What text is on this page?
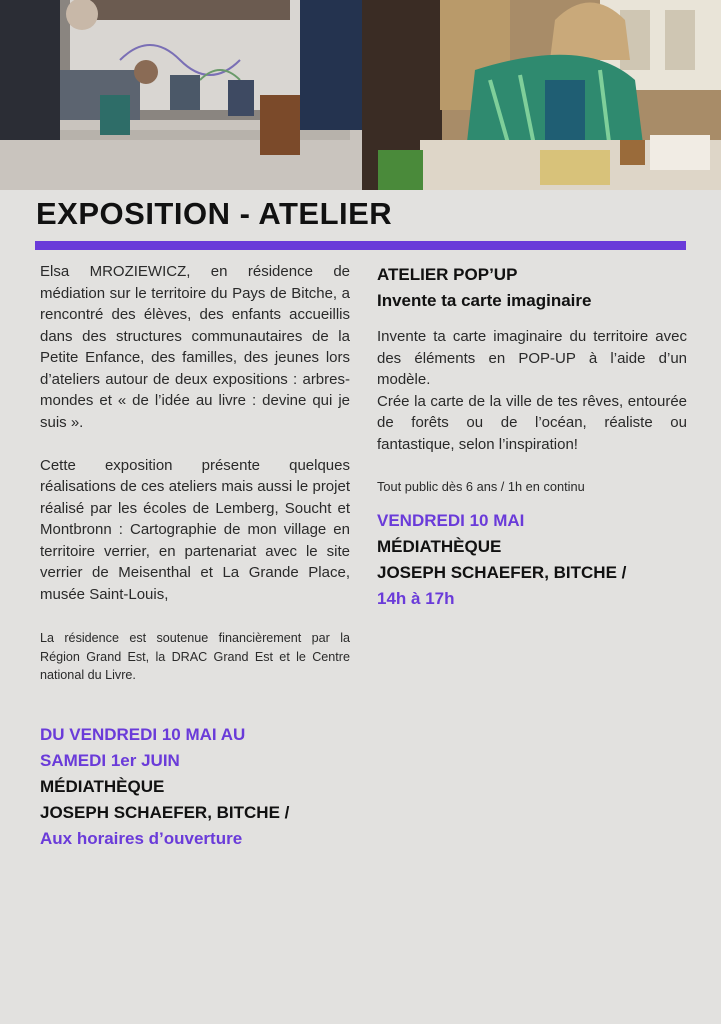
EXPOSITION - ATELIER

Elsa MROZIEWICZ, en résidence de médiation sur le territoire du Pays de Bitche, a rencontré des élèves, des enfants accueillis dans des structures communautaires de la Petite Enfance, des familles, des jeunes lors d’ateliers autour de deux expositions : arbres-mondes et « de l’idée au livre : devine qui je suis ».

Cette exposition présente quelques réalisations de ces ateliers mais aussi le projet réalisé par les écoles de Lemberg, Soucht et Montbronn : Cartographie de mon village en territoire verrier, en partenariat avec le site verrier de Meisenthal et La Grande Place, musée Saint-Louis,

La résidence est soutenue financièrement par la Région Grand Est, la DRAC Grand Est et le Centre national du Livre.

DU VENDREDI 10 MAI AU
SAMEDI 1er JUIN
MÉDIATHÈQUE
JOSEPH SCHAEFER, BITCHE /
Aux horaires d’ouverture
ATELIER POP’UP
Invente ta carte imaginaire

Invente ta carte imaginaire du territoire avec des éléments en POP-UP à l’aide d’un modèle.

Crée la carte de la ville de tes rêves, entourée de forêts ou de l’océan, réaliste ou fantastique, selon l’inspiration!

Tout public dès 6 ans / 1h en continu

VENDREDI 10 MAI
MÉDIATHÈQUE
JOSEPH SCHAEFER, BITCHE /
14h à 17h
